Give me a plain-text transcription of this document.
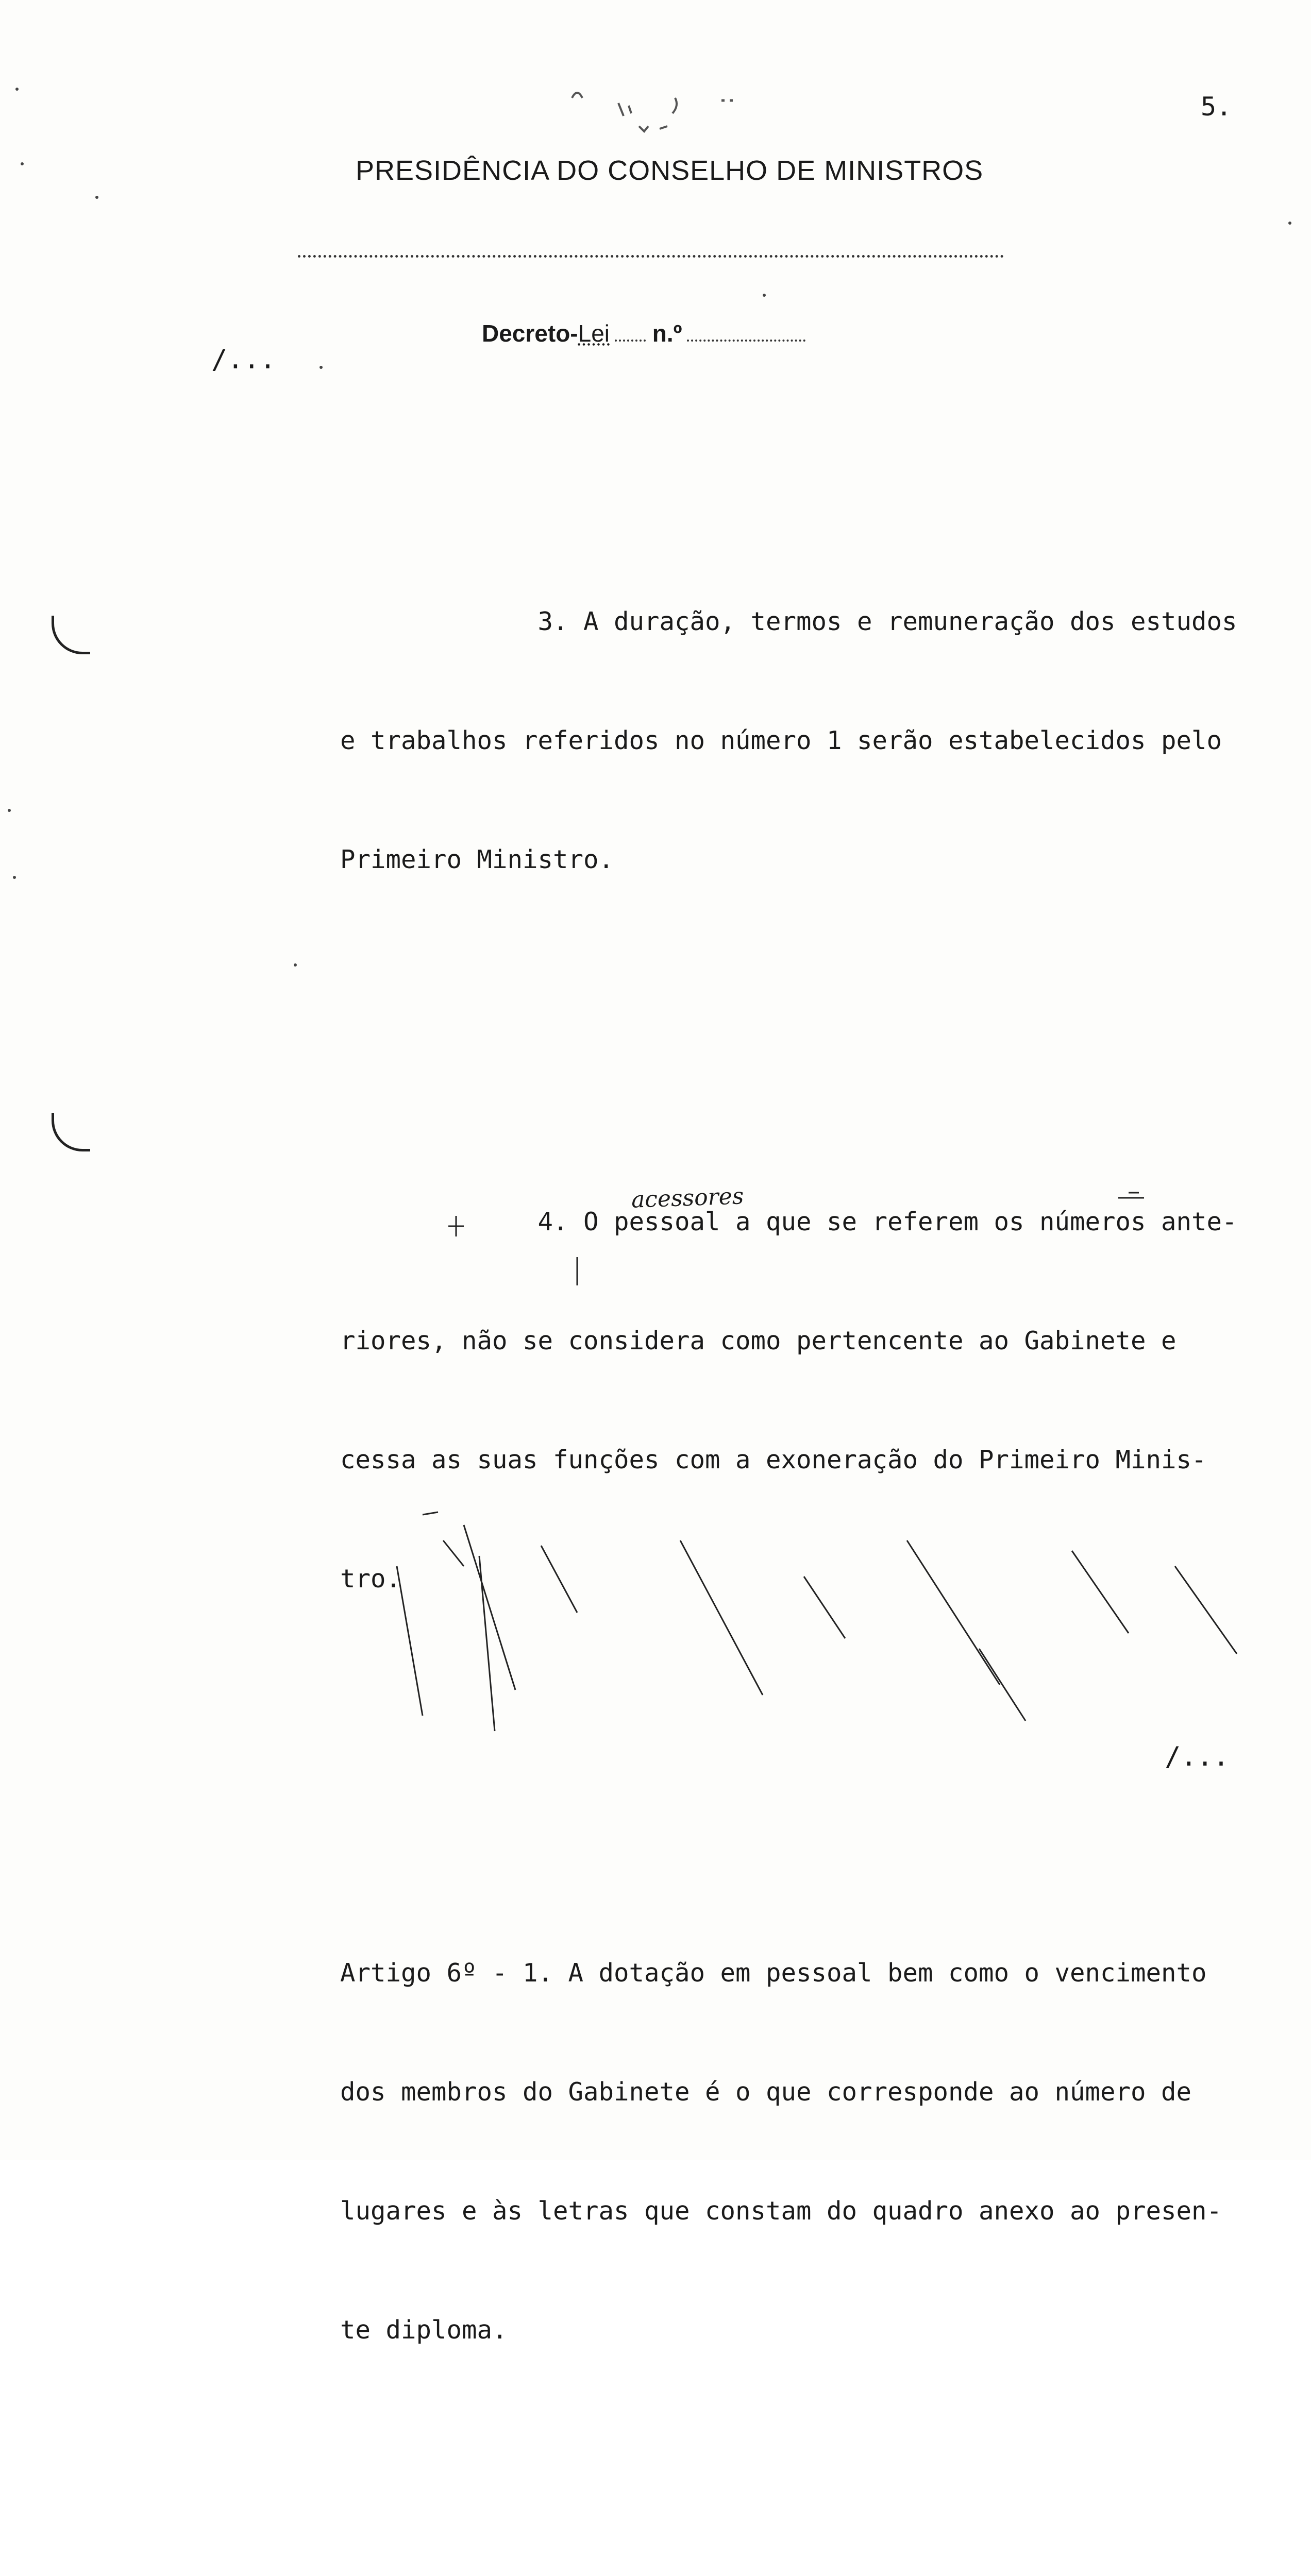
5.
PRESIDÊNCIA DO CONSELHO DE MINISTROS
Decreto-Lei n.º
/...
acessores

3. A duração, termos e remuneração dos estudos

e trabalhos referidos no número 1 serão estabelecidos pelo

Primeiro Ministro.

4. O pessoal a que se referem os números ante-

riores, não se considera como pertencente ao Gabinete e

cessa as suas funções com a exoneração do Primeiro Minis-

tro.

Artigo 6º - 1. A dotação em pessoal bem como o vencimento

dos membros do Gabinete é o que corresponde ao número de

lugares e às letras que constam do quadro anexo ao presen-

te diploma.

/...
